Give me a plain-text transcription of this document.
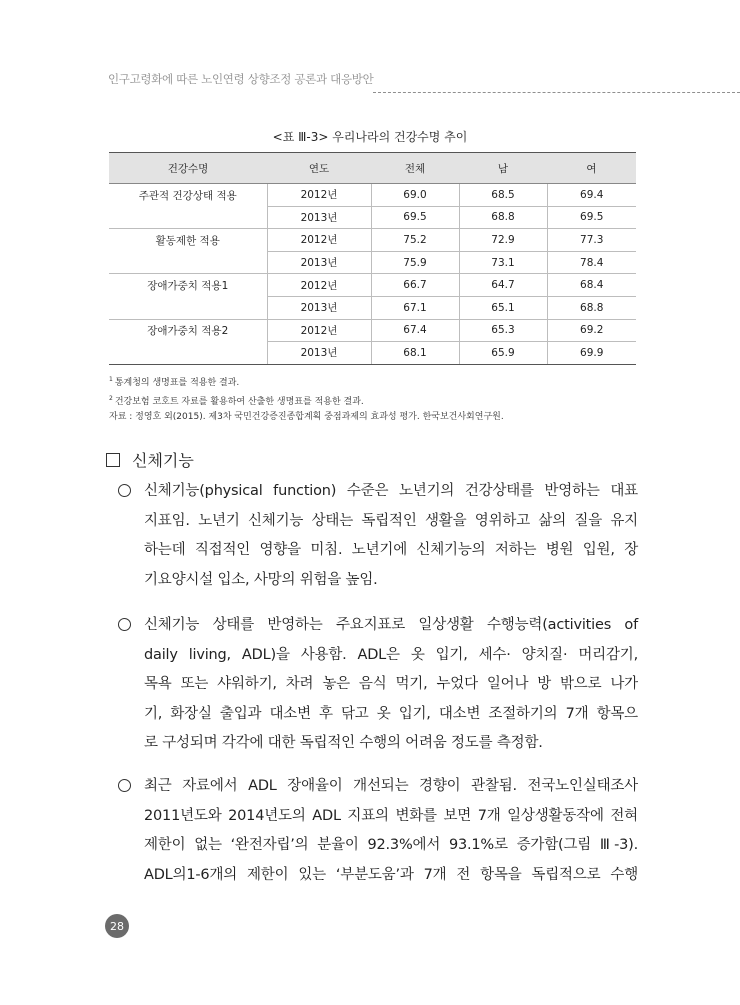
인구고령화에 따른 노인연령 상향조정 공론과 대응방안
<표 Ⅲ-3> 우리나라의 건강수명 추이
건강수명	연도	전체	남	여
주관적 건강상태 적용	2012년	69.0	68.5	69.4
	2013년	69.5	68.8	69.5
활동제한 적용	2012년	75.2	72.9	77.3
	2013년	75.9	73.1	78.4
장애가중치 적용1	2012년	66.7	64.7	68.4
	2013년	67.1	65.1	68.8
장애가중치 적용2	2012년	67.4	65.3	69.2
	2013년	68.1	65.9	69.9
$^1$ 통계청의 생명표를 적용한 결과.
$^2$ 건강보험 코호트 자료를 활용하여 산출한 생명표를 적용한 결과.
자료 : 정영호 외(2015). 제3차 국민건강증진종합계획 중점과제의 효과성 평가. 한국보건사회연구원.
신체기능
신체기능(physical function) 수준은 노년기의 건강상태를 반영하는 대표
지표임. 노년기 신체기능 상태는 독립적인 생활을 영위하고 삶의 질을 유지
하는데 직접적인 영향을 미침. 노년기에 신체기능의 저하는 병원 입원, 장
기요양시설 입소, 사망의 위험을 높임.
신체기능 상태를 반영하는 주요지표로 일상생활 수행능력(activities of
daily living, ADL)을 사용함. ADL은 옷 입기, 세수· 양치질· 머리감기,
목욕 또는 샤워하기, 차려 놓은 음식 먹기, 누었다 일어나 방 밖으로 나가
기, 화장실 출입과 대소변 후 닦고 옷 입기, 대소변 조절하기의 7개 항목으
로 구성되며 각각에 대한 독립적인 수행의 어려움 정도를 측정함.
최근 자료에서 ADL 장애율이 개선되는 경향이 관찰됨. 전국노인실태조사
2011년도와 2014년도의 ADL 지표의 변화를 보면 7개 일상생활동작에 전혀
제한이 없는 ‘완전자립’의 분율이 92.3%에서 93.1%로 증가함(그림 Ⅲ-3).
ADL의1-6개의 제한이 있는 ‘부분도움’과 7개 전 항목을 독립적으로 수행
28
